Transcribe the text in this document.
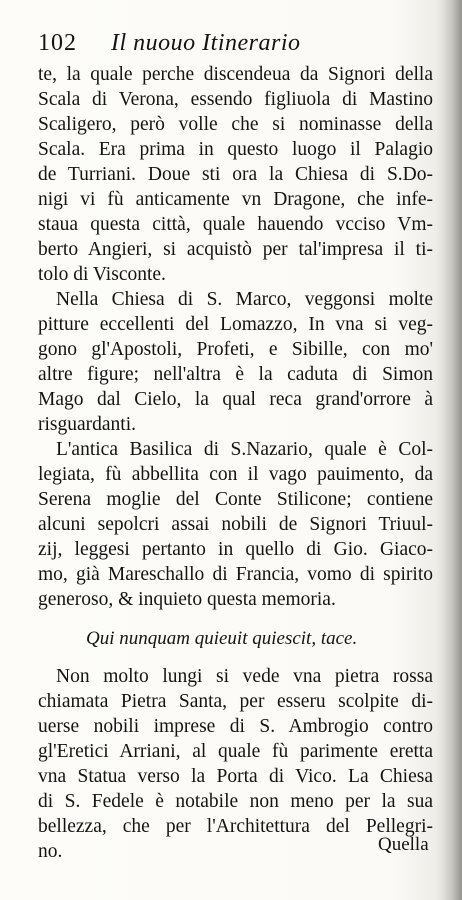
102 Il nuouo Itinerario
te, la quale perche discendeua da Signori della
Scala di Verona, essendo figliuola di Mastino
Scaligero, però volle che si nominasse della
Scala. Era prima in questo luogo il Palagio
de Turriani. Doue sti ora la Chiesa di S.Do-
nigi vi fù anticamente vn Dragone, che infe-
staua questa città, quale hauendo vcciso Vm-
berto Angieri, si acquistò per tal'impresa il ti-
tolo di Visconte.
Nella Chiesa di S. Marco, veggonsi molte
pitture eccellenti del Lomazzo, In vna si veg-
gono gl'Apostoli, Profeti, e Sibille, con mo'
altre figure; nell'altra è la caduta di Simon
Mago dal Cielo, la qual reca grand'orrore à
risguardanti.
L'antica Basilica di S.Nazario, quale è Col-
legiata, fù abbellita con il vago pauimento, da
Serena moglie del Conte Stilicone; contiene
alcuni sepolcri assai nobili de Signori Triuul-
zij, leggesi pertanto in quello di Gio. Giaco-
mo, già Mareschallo di Francia, vomo di spirito
generoso, & inquieto questa memoria.
Qui nunquam quieuit quiescit, tace.
Non molto lungi si vede vna pietra rossa
chiamata Pietra Santa, per esseru scolpite di-
uerse nobili imprese di S. Ambrogio contro
gl'Eretici Arriani, al quale fù parimente eretta
vna Statua verso la Porta di Vico. La Chiesa
di S. Fedele è notabile non meno per la sua
bellezza, che per l'Architettura del Pellegri-
no.	Quella
